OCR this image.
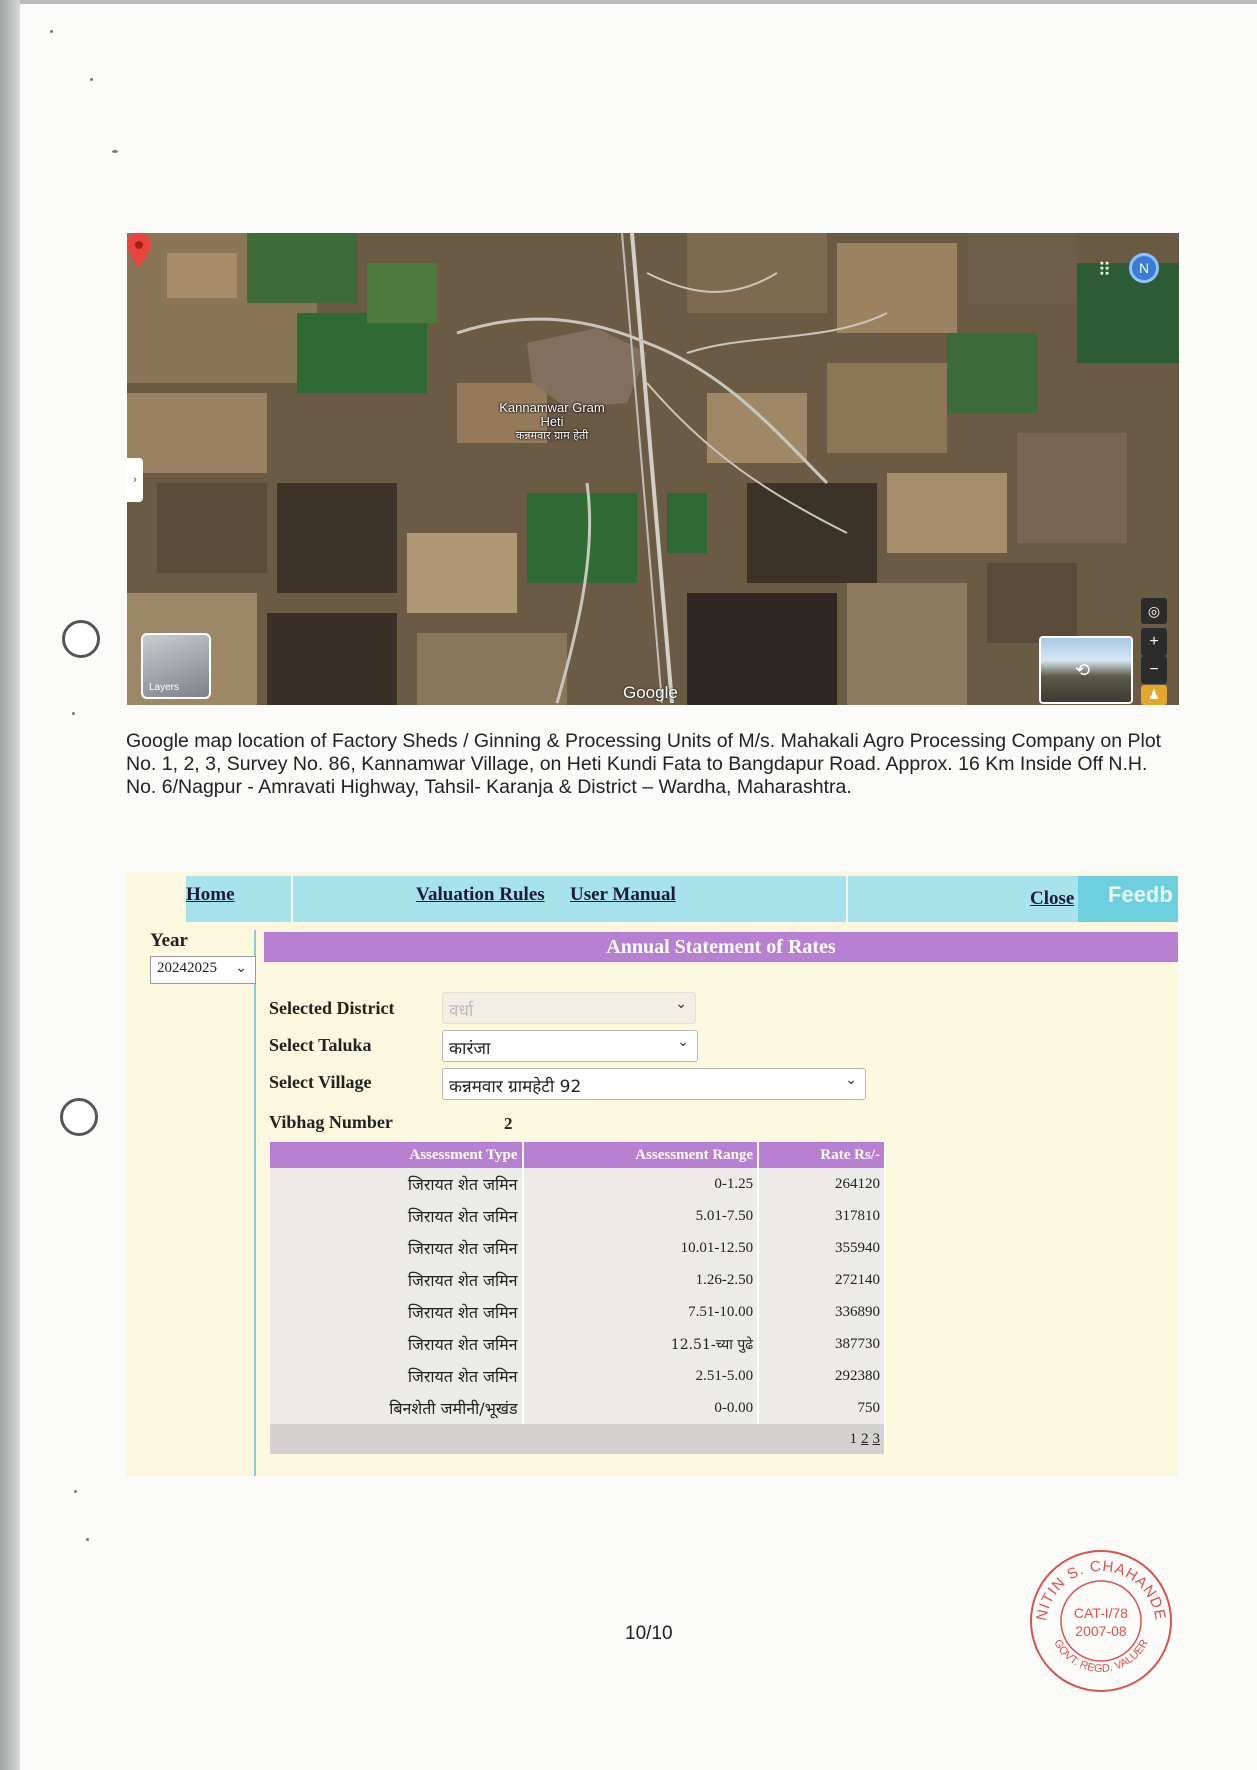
Kannamwar Gram Heti
कन्नमवार ग्राम हेती
⠿	N
›
Layers	Google
⟲
◎
+
−
♟
Google map location of Factory Sheds / Ginning & Processing Units of M/s. Mahakali Agro Processing Company on Plot No. 1, 2, 3, Survey No. 86, Kannamwar Village, on Heti Kundi Fata to Bangdapur Road. Approx. 16 Km Inside Off N.H. No. 6/Nagpur - Amravati Highway, Tahsil- Karanja & District – Wardha, Maharashtra.
Home	Valuation Rules User Manual	Close	Feedb
Year
20242025 ⌄
Annual Statement of Rates
Selected District	वर्धा	⌄
Select Taluka	कारंजा	⌄
Select Village	कन्नमवार ग्रामहेटी 92	⌄
Vibhag Number	2
Assessment Type	Assessment Range	Rate Rs/-
जिरायत शेत जमिन	0-1.25	264120
जिरायत शेत जमिन	5.01-7.50	317810
जिरायत शेत जमिन	10.01-12.50	355940
जिरायत शेत जमिन	1.26-2.50	272140
जिरायत शेत जमिन	7.51-10.00	336890
जिरायत शेत जमिन	12.51-च्या पुढे	387730
जिरायत शेत जमिन	2.51-5.00	292380
बिनशेती जमीनी/भूखंड	0-0.00	750
1 2 3		
10/10
NITIN S. CHAHANDE
GOVT. REGD. VALUER
CAT-I/78
2007-08
